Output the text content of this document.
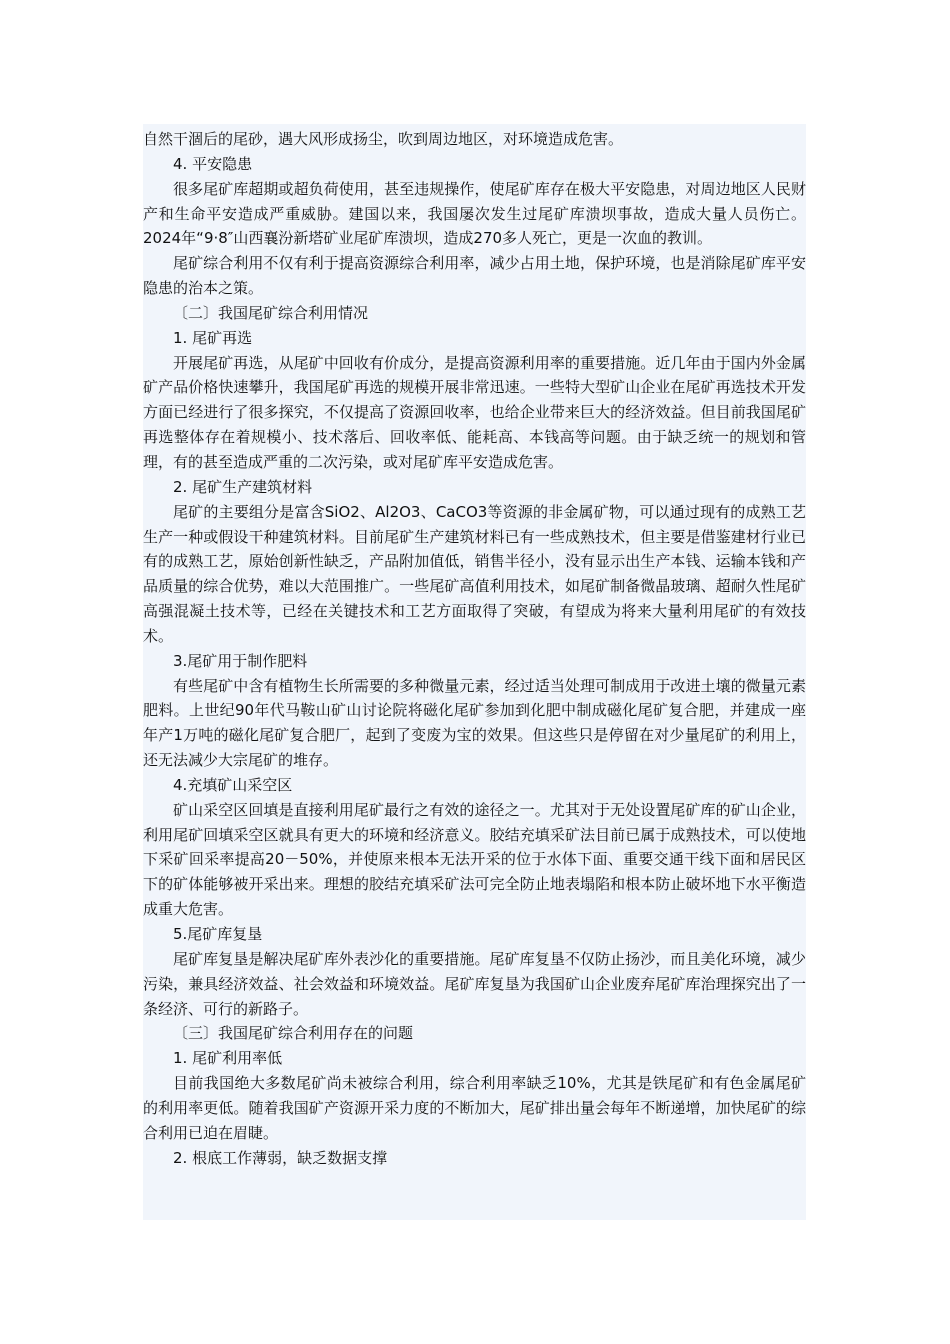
自然干涸后的尾砂，遇大风形成扬尘，吹到周边地区，对环境造成危害。

4. 平安隐患

很多尾矿库超期或超负荷使用，甚至违规操作，使尾矿库存在极大平安隐患，对周边地区人民财产和生命平安造成严重威胁。建国以来，我国屡次发生过尾矿库溃坝事故，造成大量人员伤亡。2024年“9·8″山西襄汾新塔矿业尾矿库溃坝，造成270多人死亡，更是一次血的教训。

尾矿综合利用不仅有利于提高资源综合利用率，减少占用土地，保护环境，也是消除尾矿库平安隐患的治本之策。

〔二〕我国尾矿综合利用情况

1. 尾矿再选

开展尾矿再选，从尾矿中回收有价成分，是提高资源利用率的重要措施。近几年由于国内外金属矿产品价格快速攀升，我国尾矿再选的规模开展非常迅速。一些特大型矿山企业在尾矿再选技术开发方面已经进行了很多探究，不仅提高了资源回收率，也给企业带来巨大的经济效益。但目前我国尾矿再选整体存在着规模小、技术落后、回收率低、能耗高、本钱高等问题。由于缺乏统一的规划和管理，有的甚至造成严重的二次污染，或对尾矿库平安造成危害。

2. 尾矿生产建筑材料

尾矿的主要组分是富含SiO2、Al2O3、CaCO3等资源的非金属矿物，可以通过现有的成熟工艺生产一种或假设干种建筑材料。目前尾矿生产建筑材料已有一些成熟技术，但主要是借鉴建材行业已有的成熟工艺，原始创新性缺乏，产品附加值低，销售半径小，没有显示出生产本钱、运输本钱和产品质量的综合优势，难以大范围推广。一些尾矿高值利用技术，如尾矿制备微晶玻璃、超耐久性尾矿高强混凝土技术等，已经在关键技术和工艺方面取得了突破，有望成为将来大量利用尾矿的有效技术。

3.尾矿用于制作肥料

有些尾矿中含有植物生长所需要的多种微量元素，经过适当处理可制成用于改进土壤的微量元素肥料。上世纪90年代马鞍山矿山讨论院将磁化尾矿参加到化肥中制成磁化尾矿复合肥，并建成一座年产1万吨的磁化尾矿复合肥厂，起到了变废为宝的效果。但这些只是停留在对少量尾矿的利用上，还无法减少大宗尾矿的堆存。

4.充填矿山采空区

矿山采空区回填是直接利用尾矿最行之有效的途径之一。尤其对于无处设置尾矿库的矿山企业，利用尾矿回填采空区就具有更大的环境和经济意义。胶结充填采矿法目前已属于成熟技术，可以使地下采矿回采率提高20－50%，并使原来根本无法开采的位于水体下面、重要交通干线下面和居民区下的矿体能够被开采出来。理想的胶结充填采矿法可完全防止地表塌陷和根本防止破坏地下水平衡造成重大危害。

5.尾矿库复垦

尾矿库复垦是解决尾矿库外表沙化的重要措施。尾矿库复垦不仅防止扬沙，而且美化环境，减少污染，兼具经济效益、社会效益和环境效益。尾矿库复垦为我国矿山企业废弃尾矿库治理探究出了一条经济、可行的新路子。

〔三〕我国尾矿综合利用存在的问题

1. 尾矿利用率低

目前我国绝大多数尾矿尚未被综合利用，综合利用率缺乏10%，尤其是铁尾矿和有色金属尾矿的利用率更低。随着我国矿产资源开采力度的不断加大，尾矿排出量会每年不断递增，加快尾矿的综合利用已迫在眉睫。

2. 根底工作薄弱，缺乏数据支撑
